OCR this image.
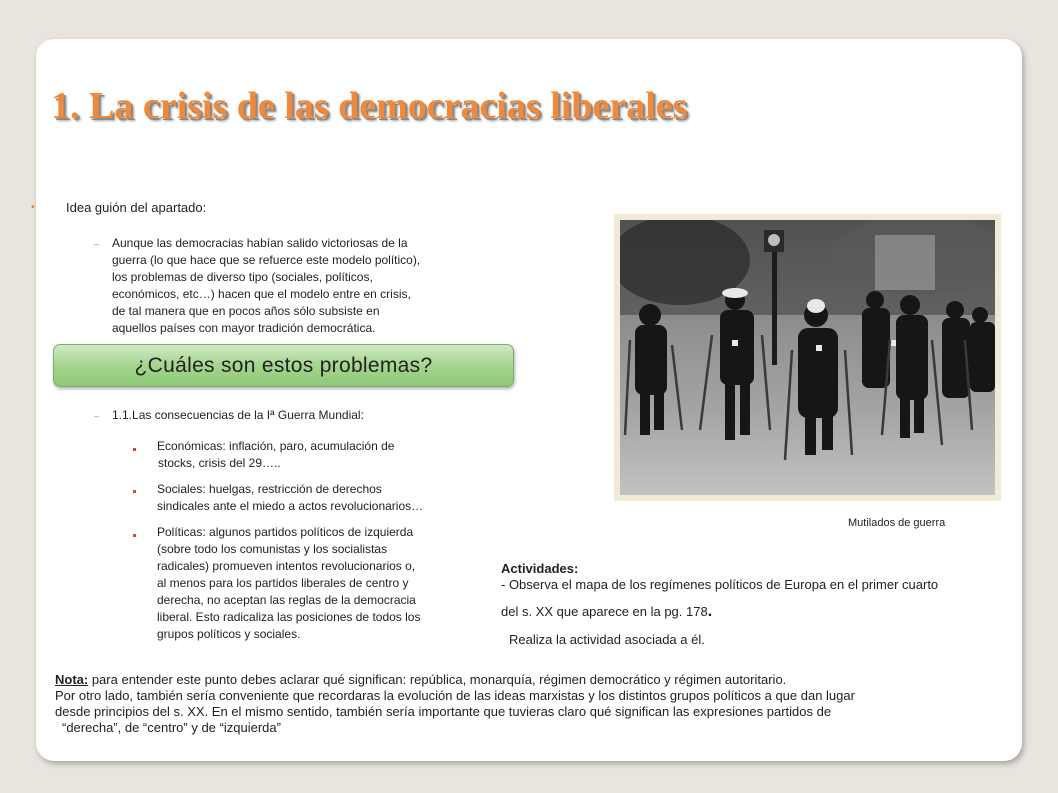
1. La crisis de las democracias liberales
• Idea guión del apartado:

– Aunque las democracias habían salido victoriosas de la

guerra (lo que hace que se refuerce este modelo político),

los problemas de diverso tipo (sociales, políticos,

económicos, etc…) hacen que el modelo entre en crisis,

de tal manera que en pocos años sólo subsiste en

aquellos países con mayor tradición democrática.

¿Cuáles son estos problemas?
– 1.1.Las consecuencias de la Iª Guerra Mundial:

Económicas: inflación, paro, acumulación de

stocks, crisis del 29…..

Sociales: huelgas, restricción de derechos

sindicales ante el miedo a actos revolucionarios…

Políticas: algunos partidos políticos de izquierda

(sobre todo los comunistas y los socialistas

radicales) promueven intentos revolucionarios o,

al menos para los partidos liberales de centro y

derecha, no aceptan las reglas de la democracia

liberal. Esto radicaliza las posiciones de todos los

grupos políticos y sociales.

Mutilados de guerra

Actividades:

- Observa el mapa de los regímenes políticos de Europa en el primer cuarto

del s. XX que aparece en la pg. 178.

Realiza la actividad asociada a él.

Nota: para entender este punto debes aclarar qué significan: república, monarquía, régimen democrático y régimen autoritario.

Por otro lado, también sería conveniente que recordaras la evolución de las ideas marxistas y los distintos grupos políticos a que dan lugar

desde principios del s. XX. En el mismo sentido, también sería importante que tuvieras claro qué significan las expresiones partidos de

“derecha”, de “centro” y de “izquierda”
